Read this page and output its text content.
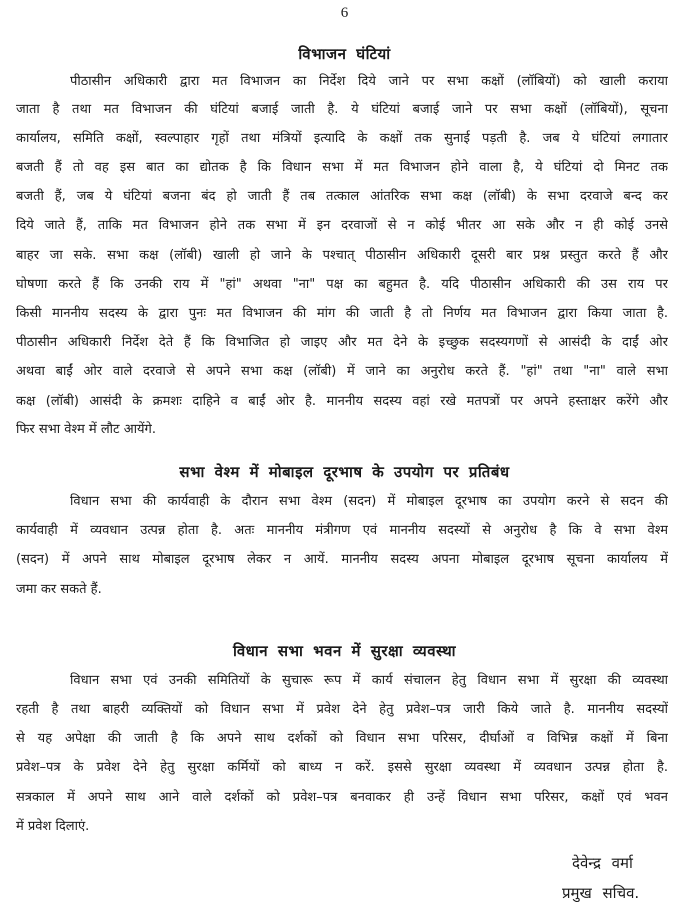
6
विभाजन घंटियां
पीठासीन अधिकारी द्वारा मत विभाजन का निर्देश दिये जाने पर सभा कक्षों (लॉबियों) को खाली कराया
जाता है तथा मत विभाजन की घंटियां बजाई जाती है. ये घंटियां बजाई जाने पर सभा कक्षों (लॉबियों), सूचना
कार्यालय, समिति कक्षों, स्वल्पाहार गृहों तथा मंत्रियों इत्यादि के कक्षों तक सुनाई पड़ती है. जब ये घंटियां लगातार
बजती हैं तो वह इस बात का द्योतक है कि विधान सभा में मत विभाजन होने वाला है, ये घंटियां दो मिनट तक
बजती हैं, जब ये घंटियां बजना बंद हो जाती हैं तब तत्काल आंतरिक सभा कक्ष (लॉबी) के सभा दरवाजे बन्द कर
दिये जाते हैं, ताकि मत विभाजन होने तक सभा में इन दरवाजों से न कोई भीतर आ सके और न ही कोई उनसे
बाहर जा सके. सभा कक्ष (लॉबी) खाली हो जाने के पश्चात् पीठासीन अधिकारी दूसरी बार प्रश्न प्रस्तुत करते हैं और
घोषणा करते हैं कि उनकी राय में "हां" अथवा "ना" पक्ष का बहुमत है. यदि पीठासीन अधिकारी की उस राय पर
किसी माननीय सदस्य के द्वारा पुनः मत विभाजन की मांग की जाती है तो निर्णय मत विभाजन द्वारा किया जाता है.
पीठासीन अधिकारी निर्देश देते हैं कि विभाजित हो जाइए और मत देने के इच्छुक सदस्यगणों से आसंदी के दाईं ओर
अथवा बाईं ओर वाले दरवाजे से अपने सभा कक्ष (लॉबी) में जाने का अनुरोध करते हैं. "हां" तथा "ना" वाले सभा
कक्ष (लॉबी) आसंदी के क्रमशः दाहिने व बाईं ओर है. माननीय सदस्य वहां रखे मतपत्रों पर अपने हस्ताक्षर करेंगे और
फिर सभा वेश्म में लौट आयेंगे.
सभा वेश्म में मोबाइल दूरभाष के उपयोग पर प्रतिबंध
विधान सभा की कार्यवाही के दौरान सभा वेश्म (सदन) में मोबाइल दूरभाष का उपयोग करने से सदन की
कार्यवाही में व्यवधान उत्पन्न होता है. अतः माननीय मंत्रीगण एवं माननीय सदस्यों से अनुरोध है कि वे सभा वेश्म
(सदन) में अपने साथ मोबाइल दूरभाष लेकर न आयें. माननीय सदस्य अपना मोबाइल दूरभाष सूचना कार्यालय में
जमा कर सकते हैं.
विधान सभा भवन में सुरक्षा व्यवस्था
विधान सभा एवं उनकी समितियों के सुचारू रूप में कार्य संचालन हेतु विधान सभा में सुरक्षा की व्यवस्था
रहती है तथा बाहरी व्यक्तियों को विधान सभा में प्रवेश देने हेतु प्रवेश–पत्र जारी किये जाते है. माननीय सदस्यों
से यह अपेक्षा की जाती है कि अपने साथ दर्शकों को विधान सभा परिसर, दीर्घाओं व विभिन्न कक्षों में बिना
प्रवेश–पत्र के प्रवेश देने हेतु सुरक्षा कर्मियों को बाध्य न करें. इससे सुरक्षा व्यवस्था में व्यवधान उत्पन्न होता है.
सत्रकाल में अपने साथ आने वाले दर्शकों को प्रवेश–पत्र बनवाकर ही उन्हें विधान सभा परिसर, कक्षों एवं भवन
में प्रवेश दिलाएं.
देवेन्द्र वर्मा
प्रमुख सचिव.
